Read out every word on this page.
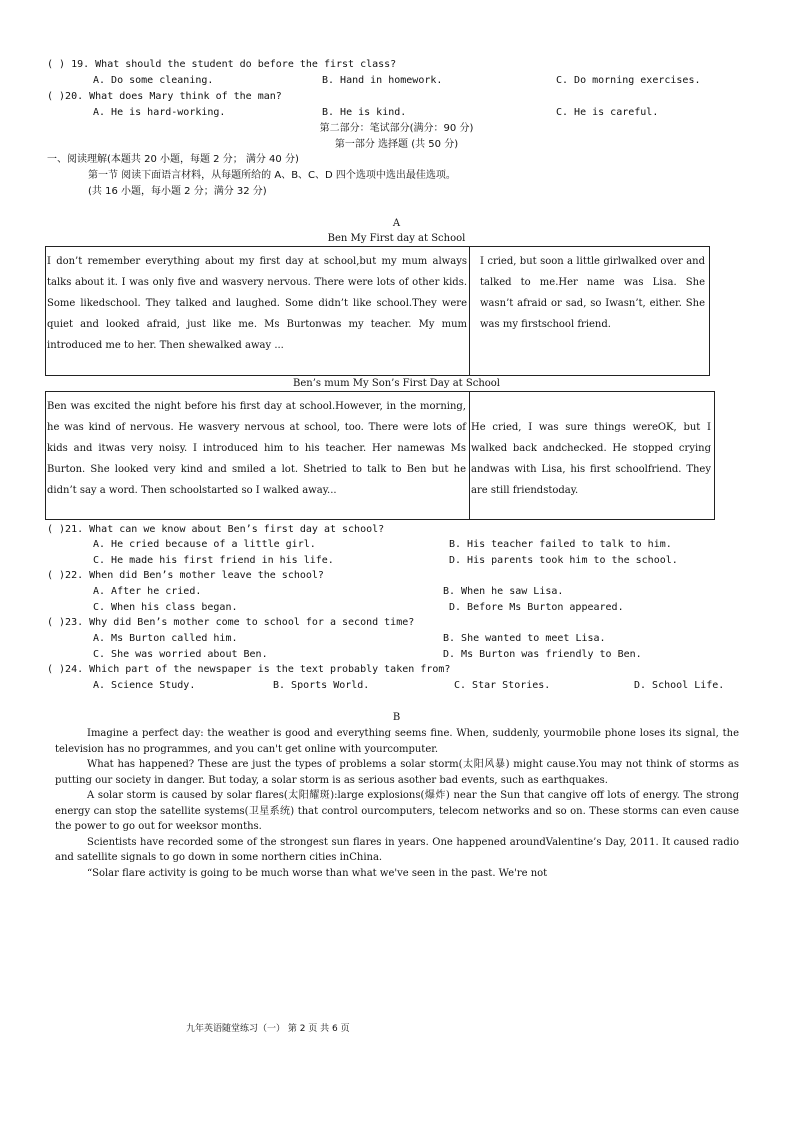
( ) 19. What should the student do before the first class?
A. Do some cleaning.	B. Hand in homework.	C. Do morning exercises.
( )20. What does Mary think of the man?
A. He is hard-working.	B. He is kind.	C. He is careful.
第二部分：笔试部分(满分：90 分)
第一部分 选择题 (共 50 分)
一、阅读理解(本题共 20 小题，每题 2 分； 满分 40 分)
第一节 阅读下面语言材料，从每题所给的 A、B、C、D 四个选项中选出最佳选项。
(共 16 小题，每小题 2 分；满分 32 分)
A
Ben My First day at School
I don’t remember everything about my first day at school,but my mum always talks about it. I was only five and wasvery nervous. There were lots of other kids. Some likedschool. They talked and laughed. Some didn’t like school.They were quiet and looked afraid, just like me. Ms Burtonwas my teacher. My mum introduced me to her. Then shewalked away ...
I cried, but soon a little girlwalked over and talked to me.Her name was Lisa. She wasn’t afraid or sad, so Iwasn’t, either. She was my firstschool friend.
Ben’s mum My Son’s First Day at School
Ben was excited the night before his first day at school.However, in the morning, he was kind of nervous. He wasvery nervous at school, too. There were lots of kids and itwas very noisy. I introduced him to his teacher. Her namewas Ms Burton. She looked very kind and smiled a lot. Shetried to talk to Ben but he didn’t say a word. Then schoolstarted so I walked away...
He cried, I was sure things wereOK, but I walked back andchecked. He stopped crying andwas with Lisa, his first schoolfriend. They are still friendstoday.
( )21. What can we know about Ben’s first day at school?
A. He cried because of a little girl.	B. His teacher failed to talk to him.
C. He made his first friend in his life.	D. His parents took him to the school.
( )22. When did Ben’s mother leave the school?
A. After he cried.	B. When he saw Lisa.
C. When his class began.	D. Before Ms Burton appeared.
( )23. Why did Ben’s mother come to school for a second time?
A. Ms Burton called him.	B. She wanted to meet Lisa.
C. She was worried about Ben.	D. Ms Burton was friendly to Ben.
( )24. Which part of the newspaper is the text probably taken from?
A. Science Study.	B. Sports World.	C. Star Stories.	D. School Life.
B

Imagine a perfect day: the weather is good and everything seems fine. When, suddenly, yourmobile phone loses its signal, the television has no programmes, and you can't get online with yourcomputer.

What has happened? These are just the types of problems a solar storm(太阳风暴) might cause.You may not think of storms as putting our society in danger. But today, a solar storm is as serious asother bad events, such as earthquakes.

A solar storm is caused by solar flares(太阳耀斑):large explosions(爆炸) near the Sun that cangive off lots of energy. The strong energy can stop the satellite systems(卫星系统) that control ourcomputers, telecom networks and so on. These storms can even cause the power to go out for weeksor months.

Scientists have recorded some of the strongest sun flares in years. One happened aroundValentine’s Day, 2011. It caused radio and satellite signals to go down in some northern cities inChina.

“Solar flare activity is going to be much worse than what we've seen in the past. We're not

九年英语随堂练习（一） 第 2 页 共 6 页
